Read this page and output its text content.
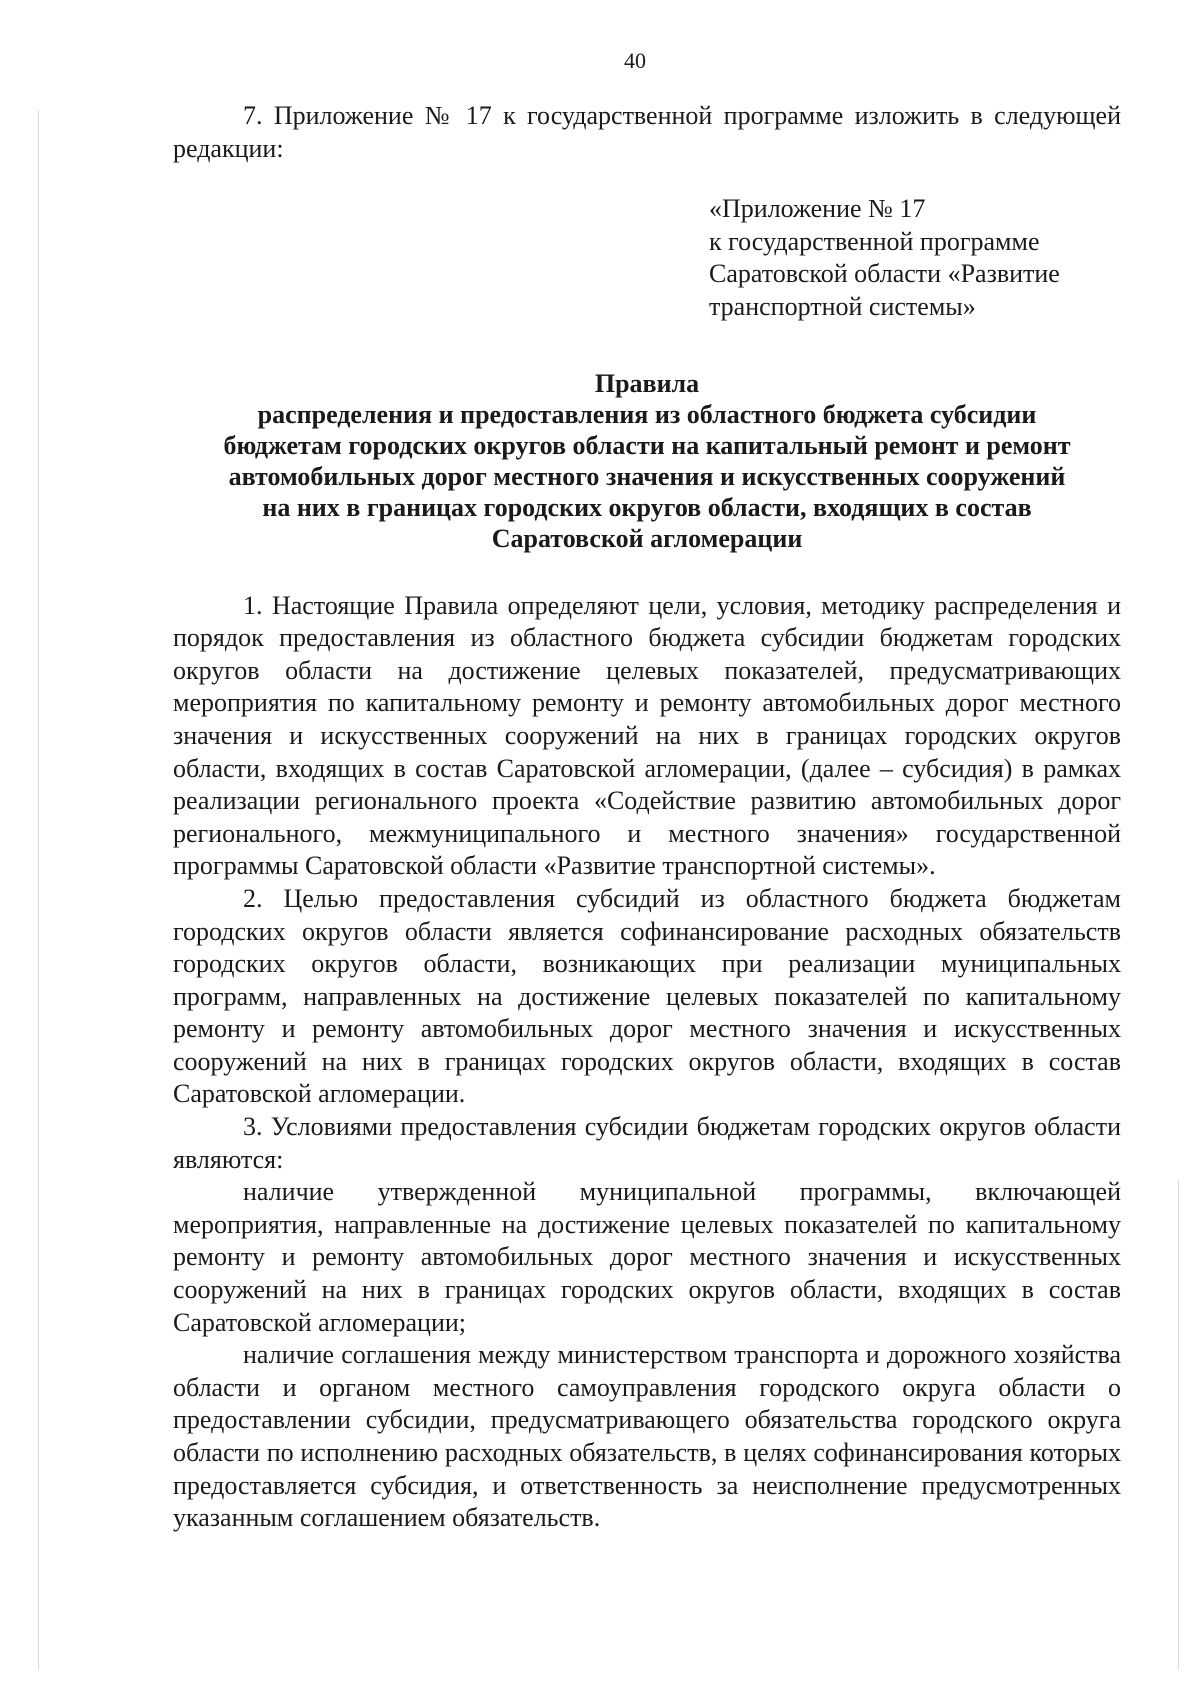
40

7. Приложение № 17 к государственной программе изложить в следующей редакции:

«Приложение № 17
к государственной программе
Саратовской области «Развитие
транспортной системы»
Правила
распределения и предоставления из областного бюджета субсидии
бюджетам городских округов области на капитальный ремонт и ремонт
автомобильных дорог местного значения и искусственных сооружений
на них в границах городских округов области, входящих в состав
Саратовской агломерации

1. Настоящие Правила определяют цели, условия, методику распределения и порядок предоставления из областного бюджета субсидии бюджетам городских округов области на достижение целевых показателей, предусматривающих мероприятия по капитальному ремонту и ремонту автомобильных дорог местного значения и искусственных сооружений на них в границах городских округов области, входящих в состав Саратовской агломерации, (далее – субсидия) в рамках реализации регионального проекта «Содействие развитию автомобильных дорог регионального, межмуниципального и местного значения» государственной программы Саратовской области «Развитие транспортной системы».

2. Целью предоставления субсидий из областного бюджета бюджетам городских округов области является софинансирование расходных обязательств городских округов области, возникающих при реализации муниципальных программ, направленных на достижение целевых показателей по капитальному ремонту и ремонту автомобильных дорог местного значения и искусственных сооружений на них в границах городских округов области, входящих в состав Саратовской агломерации.

3. Условиями предоставления субсидии бюджетам городских округов области являются:

наличие утвержденной муниципальной программы, включающей мероприятия, направленные на достижение целевых показателей по капитальному ремонту и ремонту автомобильных дорог местного значения и искусственных сооружений на них в границах городских округов области, входящих в состав Саратовской агломерации;

наличие соглашения между министерством транспорта и дорожного хозяйства области и органом местного самоуправления городского округа области о предоставлении субсидии, предусматривающего обязательства городского округа области по исполнению расходных обязательств, в целях софинансирования которых предоставляется субсидия, и ответственность за неисполнение предусмотренных указанным соглашением обязательств.
